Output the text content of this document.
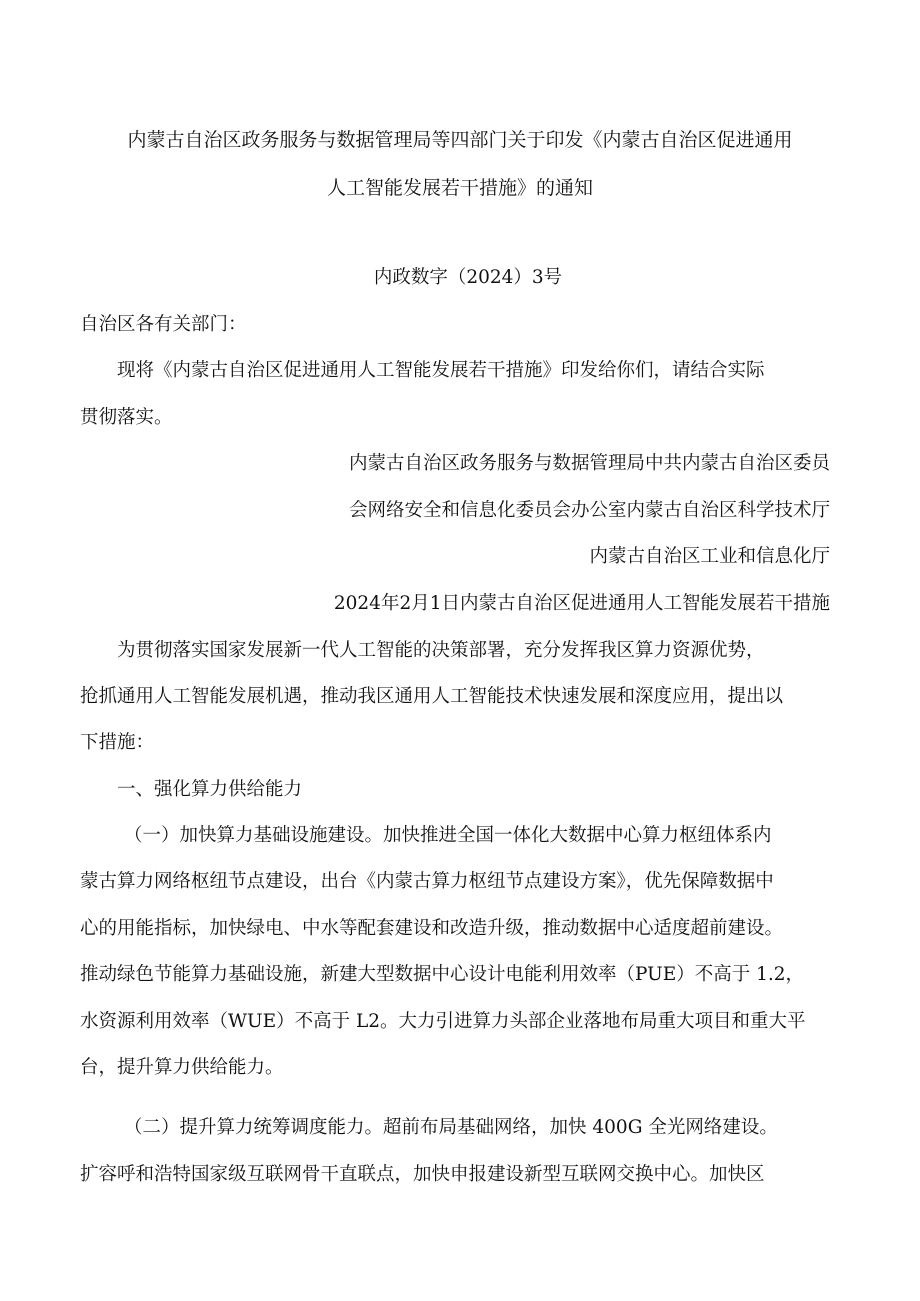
内蒙古自治区政务服务与数据管理局等四部门关于印发《内蒙古自治区促进通用

人工智能发展若干措施》的通知

内政数字（2024）3号

自治区各有关部门：

现将《内蒙古自治区促进通用人工智能发展若干措施》印发给你们，请结合实际

贯彻落实。

内蒙古自治区政务服务与数据管理局中共内蒙古自治区委员

会网络安全和信息化委员会办公室内蒙古自治区科学技术厅

内蒙古自治区工业和信息化厅

2024年2月1日内蒙古自治区促进通用人工智能发展若干措施

为贯彻落实国家发展新一代人工智能的决策部署，充分发挥我区算力资源优势，

抢抓通用人工智能发展机遇，推动我区通用人工智能技术快速发展和深度应用，提出以

下措施：

一、强化算力供给能力

（一）加快算力基础设施建设。加快推进全国一体化大数据中心算力枢纽体系内

蒙古算力网络枢纽节点建设，出台《内蒙古算力枢纽节点建设方案》，优先保障数据中

心的用能指标，加快绿电、中水等配套建设和改造升级，推动数据中心适度超前建设。

推动绿色节能算力基础设施，新建大型数据中心设计电能利用效率（PUE）不高于 1.2，

水资源利用效率（WUE）不高于 L2。大力引进算力头部企业落地布局重大项目和重大平

台，提升算力供给能力。

（二）提升算力统筹调度能力。超前布局基础网络，加快 400G 全光网络建设。

扩容呼和浩特国家级互联网骨干直联点，加快申报建设新型互联网交换中心。加快区
